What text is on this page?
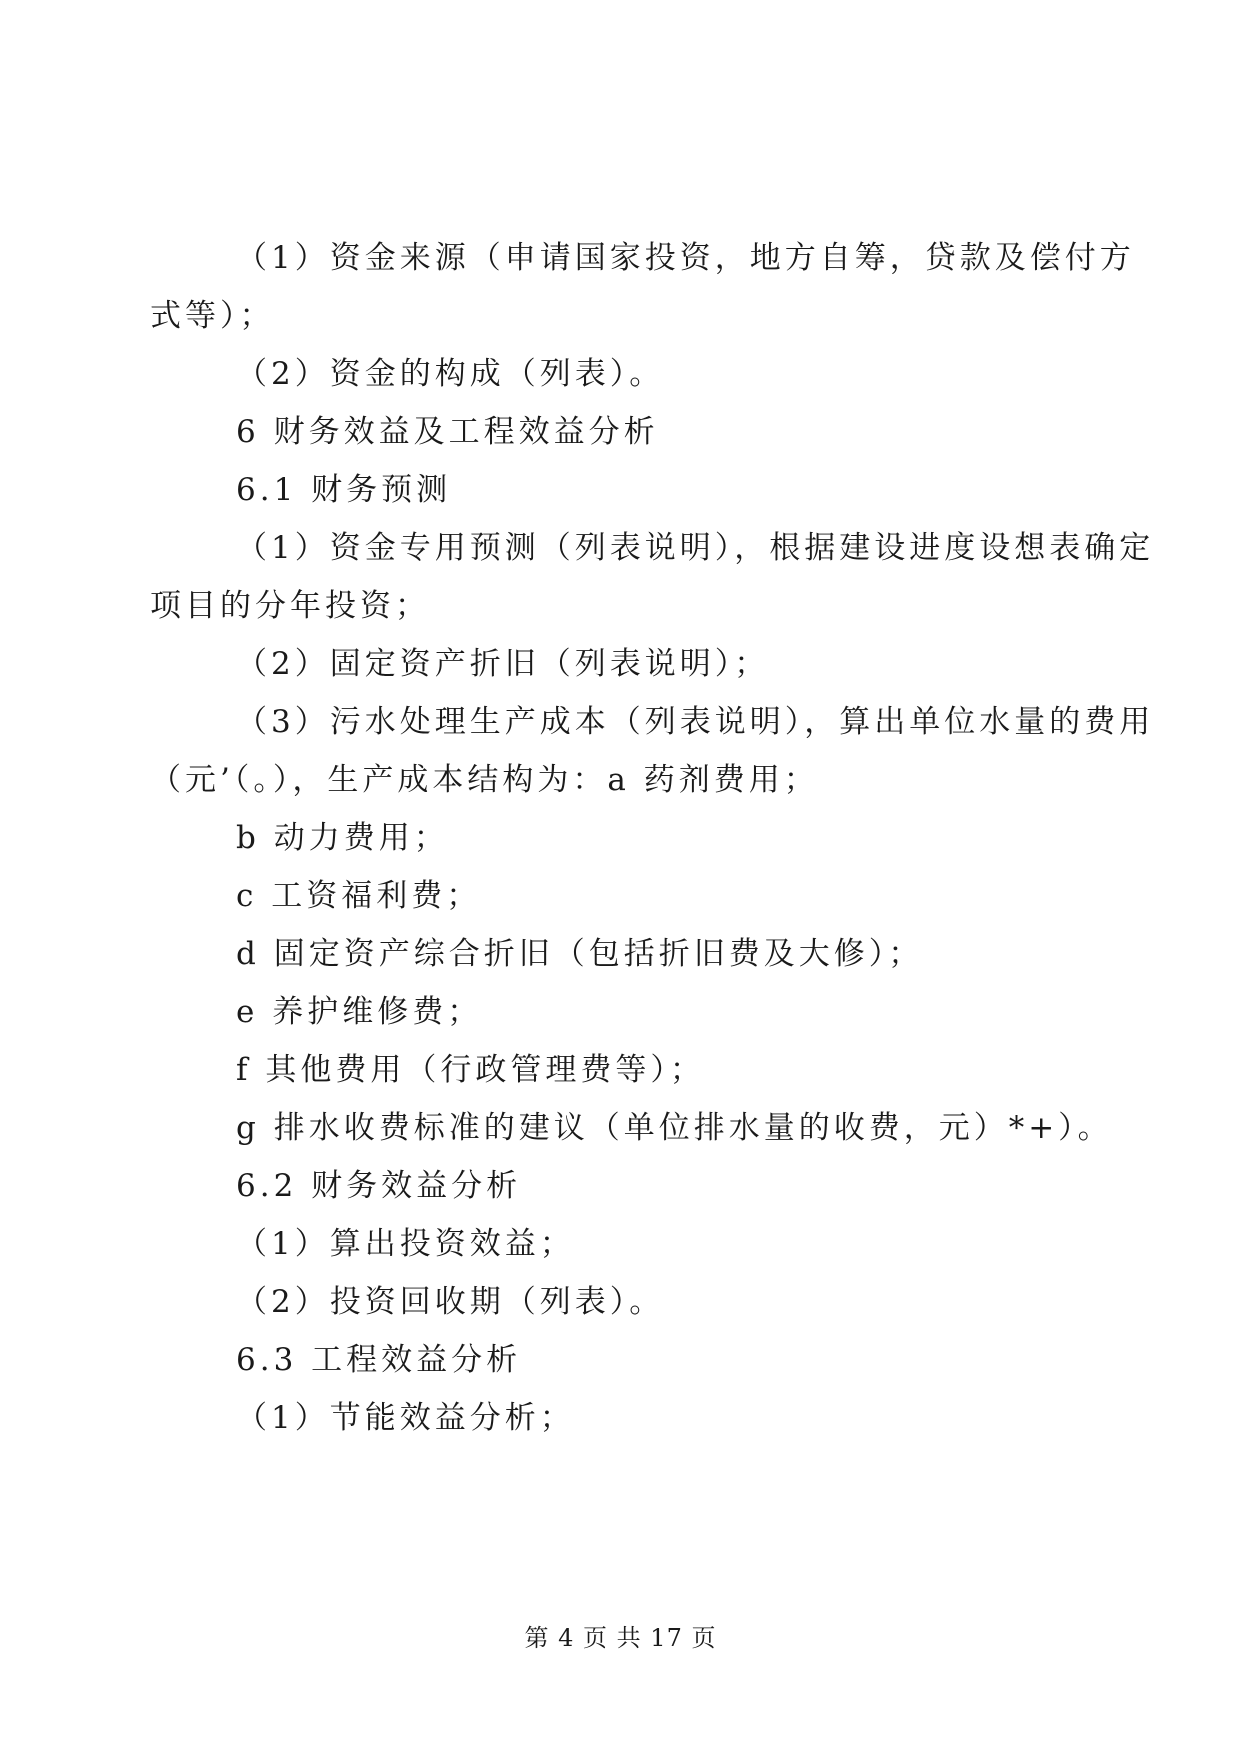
（1）资金来源（申请国家投资，地方自筹，贷款及偿付方
式等）；
（2）资金的构成（列表）。
6 财务效益及工程效益分析
6.1 财务预测
（1）资金专用预测（列表说明），根据建设进度设想表确定
项目的分年投资；
（2）固定资产折旧（列表说明）；
（3）污水处理生产成本（列表说明），算出单位水量的费用
（元’（。），生产成本结构为：a 药剂费用；
b 动力费用；
c 工资福利费；
d 固定资产综合折旧（包括折旧费及大修）；
e 养护维修费；
f 其他费用（行政管理费等）；
g 排水收费标准的建议（单位排水量的收费，元）*+）。
6.2 财务效益分析
（1）算出投资效益；
（2）投资回收期（列表）。
6.3 工程效益分析
（1）节能效益分析；
第 4 页 共 17 页
